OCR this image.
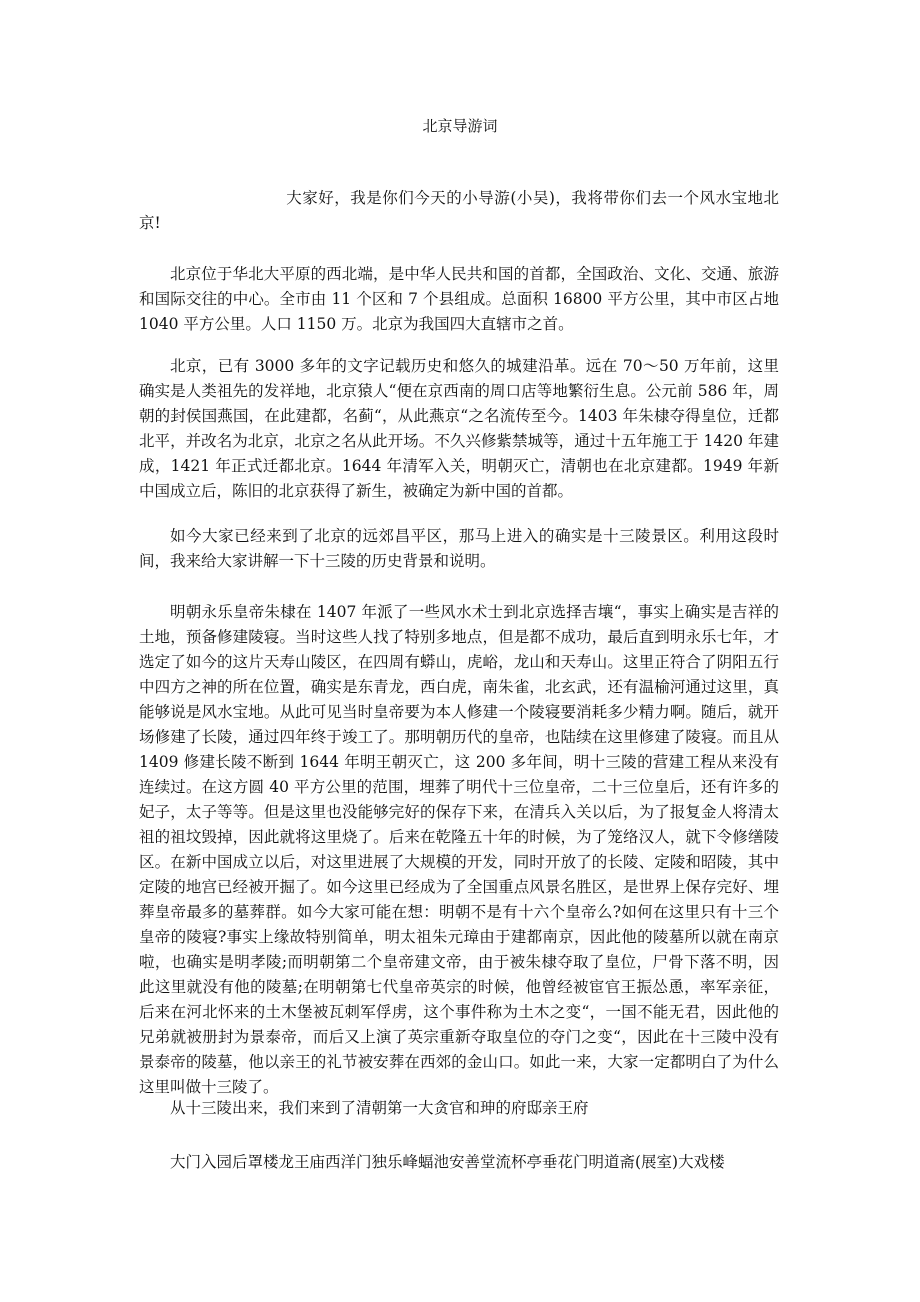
北京导游词

大家好，我是你们今天的小导游(小吴)，我将带你们去一个风水宝地北京!

北京位于华北大平原的西北端，是中华人民共和国的首都，全国政治、文化、交通、旅游和国际交往的中心。全市由 11 个区和 7 个县组成。总面积 16800 平方公里，其中市区占地 1040 平方公里。人口 1150 万。北京为我国四大直辖市之首。

北京，已有 3000 多年的文字记载历史和悠久的城建沿革。远在 70～50 万年前，这里确实是人类祖先的发祥地，北京猿人“便在京西南的周口店等地繁衍生息。公元前 586 年，周朝的封侯国燕国，在此建都，名蓟“，从此燕京“之名流传至今。1403 年朱棣夺得皇位，迁都北平，并改名为北京，北京之名从此开场。不久兴修紫禁城等，通过十五年施工于 1420 年建成，1421 年正式迁都北京。1644 年清军入关，明朝灭亡，清朝也在北京建都。1949 年新中国成立后，陈旧的北京获得了新生，被确定为新中国的首都。

如今大家已经来到了北京的远郊昌平区，那马上进入的确实是十三陵景区。利用这段时间，我来给大家讲解一下十三陵的历史背景和说明。

明朝永乐皇帝朱棣在 1407 年派了一些风水术士到北京选择吉壤“，事实上确实是吉祥的土地，预备修建陵寝。当时这些人找了特别多地点，但是都不成功，最后直到明永乐七年，才选定了如今的这片天寿山陵区，在四周有蟒山，虎峪，龙山和天寿山。这里正符合了阴阳五行中四方之神的所在位置，确实是东青龙，西白虎，南朱雀，北玄武，还有温榆河通过这里，真能够说是风水宝地。从此可见当时皇帝要为本人修建一个陵寝要消耗多少精力啊。随后，就开场修建了长陵，通过四年终于竣工了。那明朝历代的皇帝，也陆续在这里修建了陵寝。而且从 1409 修建长陵不断到 1644 年明王朝灭亡，这 200 多年间，明十三陵的营建工程从来没有连续过。在这方圆 40 平方公里的范围，埋葬了明代十三位皇帝，二十三位皇后，还有许多的妃子，太子等等。但是这里也没能够完好的保存下来，在清兵入关以后，为了报复金人将清太祖的祖坟毁掉，因此就将这里烧了。后来在乾隆五十年的时候，为了笼络汉人，就下令修缮陵区。在新中国成立以后，对这里进展了大规模的开发，同时开放了的长陵、定陵和昭陵，其中定陵的地宫已经被开掘了。如今这里已经成为了全国重点风景名胜区，是世界上保存完好、埋葬皇帝最多的墓葬群。如今大家可能在想：明朝不是有十六个皇帝么?如何在这里只有十三个皇帝的陵寝?事实上缘故特别简单，明太祖朱元璋由于建都南京，因此他的陵墓所以就在南京啦，也确实是明孝陵;而明朝第二个皇帝建文帝，由于被朱棣夺取了皇位，尸骨下落不明，因此这里就没有他的陵墓;在明朝第七代皇帝英宗的时候，他曾经被宦官王振怂恿，率军亲征，后来在河北怀来的土木堡被瓦刺军俘虏，这个事件称为土木之变“，一国不能无君，因此他的兄弟就被册封为景泰帝，而后又上演了英宗重新夺取皇位的夺门之变“，因此在十三陵中没有景泰帝的陵墓，他以亲王的礼节被安葬在西郊的金山口。如此一来，大家一定都明白了为什么这里叫做十三陵了。

从十三陵出来，我们来到了清朝第一大贪官和珅的府邸亲王府

大门入园后罩楼龙王庙西洋门独乐峰蝠池安善堂流杯亭垂花门明道斋(展室)大戏楼
